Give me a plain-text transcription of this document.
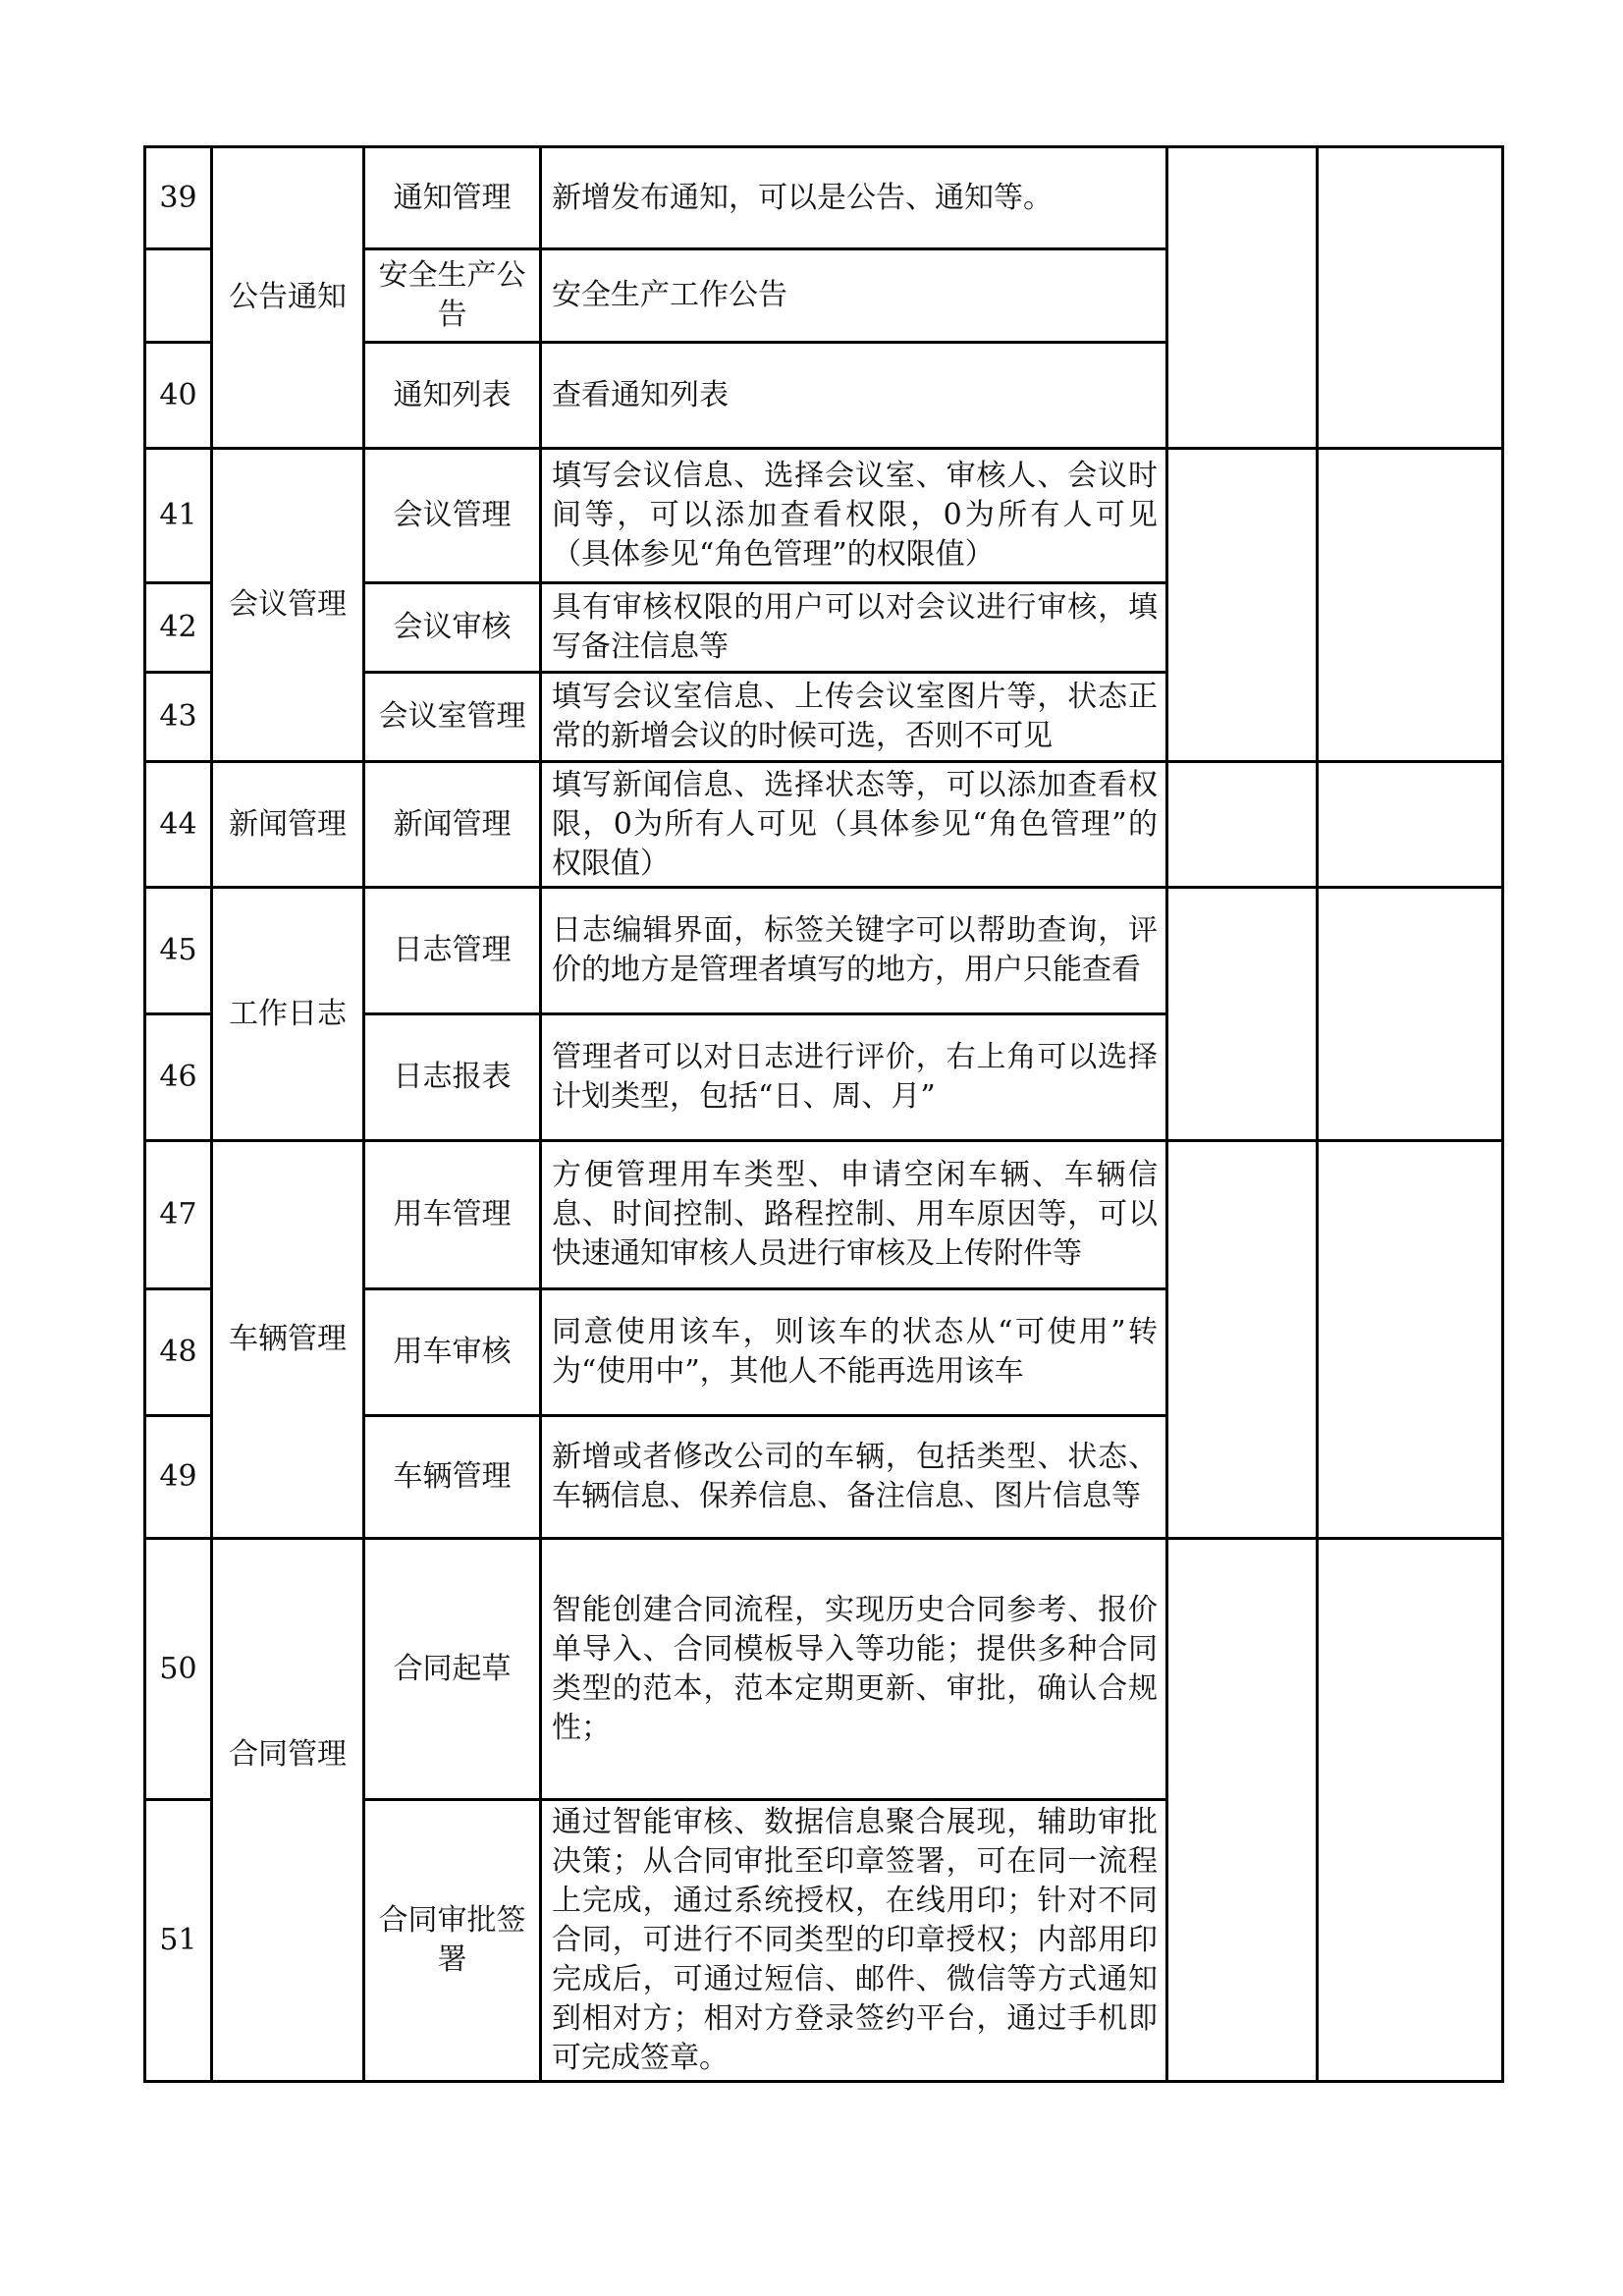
39	公告通知	通知管理	新增发布通知，可以是公告、通知等。		
		安全生产公告	安全生产工作公告		
40		通知列表	查看通知列表		
41	会议管理	会议管理	填写会议信息、选择会议室、审核人、会议时间等，可以添加查看权限，0为所有人可见（具体参见“角色管理”的权限值）		
42		会议审核	具有审核权限的用户可以对会议进行审核，填写备注信息等		
43		会议室管理	填写会议室信息、上传会议室图片等，状态正常的新增会议的时候可选，否则不可见		
44	新闻管理	新闻管理	填写新闻信息、选择状态等，可以添加查看权限，0为所有人可见（具体参见“角色管理”的权限值）		
45	工作日志	日志管理	日志编辑界面，标签关键字可以帮助查询，评价的地方是管理者填写的地方，用户只能查看		
46		日志报表	管理者可以对日志进行评价，右上角可以选择计划类型，包括“日、周、月”		
47	车辆管理	用车管理	方便管理用车类型、申请空闲车辆、车辆信息、时间控制、路程控制、用车原因等，可以快速通知审核人员进行审核及上传附件等		
48		用车审核	同意使用该车，则该车的状态从“可使用”转为“使用中”，其他人不能再选用该车		
49		车辆管理	新增或者修改公司的车辆，包括类型、状态、车辆信息、保养信息、备注信息、图片信息等		
50	合同管理	合同起草	智能创建合同流程，实现历史合同参考、报价单导入、合同模板导入等功能；提供多种合同类型的范本，范本定期更新、审批，确认合规性；		
51		合同审批签署	通过智能审核、数据信息聚合展现，辅助审批决策；从合同审批至印章签署，可在同一流程上完成，通过系统授权，在线用印；针对不同合同，可进行不同类型的印章授权；内部用印完成后，可通过短信、邮件、微信等方式通知到相对方；相对方登录签约平台，通过手机即可完成签章。		
